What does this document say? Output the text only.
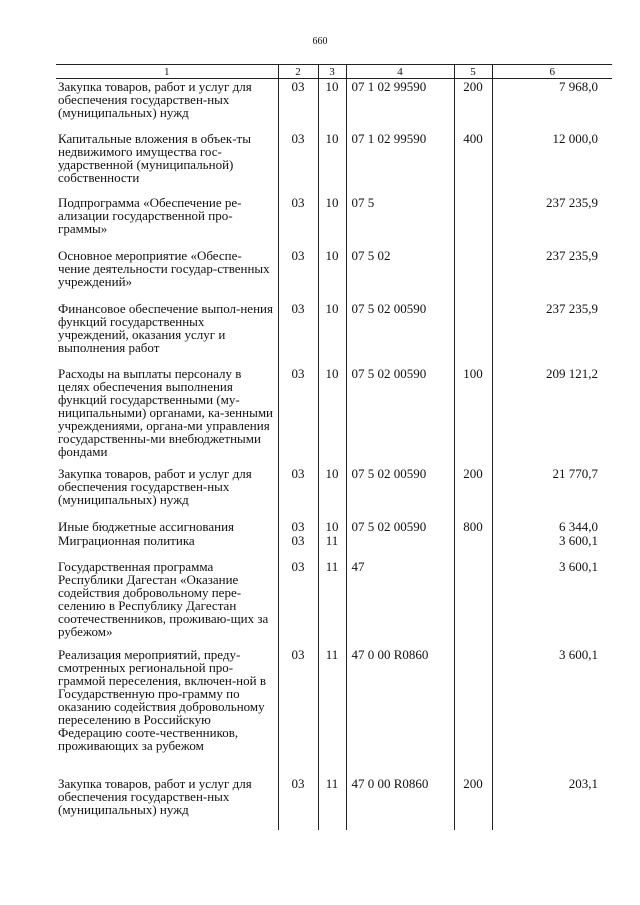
660
1	2	3	4	5	6

Закупка товаров, работ и услуг для обеспечения государствен-ных (муниципальных) нужд	03	10	07 1 02 99590	200	7 968,0

Капитальные вложения в объек-ты недвижимого имущества гос-ударственной (муниципальной) собственности	03	10	07 1 02 99590	400	12 000,0

Подпрограмма «Обеспечение ре-ализации государственной про-граммы»	03	10	07 5		237 235,9

Основное мероприятие «Обеспе-чение деятельности государ-ственных учреждений»	03	10	07 5 02		237 235,9

Финансовое обеспечение выпол-нения функций государственных учреждений, оказания услуг и выполнения работ	03	10	07 5 02 00590		237 235,9

Расходы на выплаты персоналу в целях обеспечения выполнения функций государственными (му-ниципальными) органами, ка-зенными учреждениями, органа-ми управления государственны-ми внебюджетными фондами	03	10	07 5 02 00590	100	209 121,2

Закупка товаров, работ и услуг для обеспечения государствен-ных (муниципальных) нужд	03	10	07 5 02 00590	200	21 770,7

Иные бюджетные ассигнования	03	10	07 5 02 00590	800	6 344,0

Миграционная политика	03	11			3 600,1

Государственная программа Республики Дагестан «Оказание содействия добровольному пере-селению в Республику Дагестан соотечественников, проживаю-щих за рубежом»	03	11	47		3 600,1

Реализация мероприятий, преду-смотренных региональной про-граммой переселения, включен-ной в Государственную про-грамму по оказанию содействия добровольному переселению в Российскую Федерацию соотe-чественников, проживающих за рубежом	03	11	47 0 00 R0860		3 600,1

Закупка товаров, работ и услуг для обеспечения государствен-ных (муниципальных) нужд	03	11	47 0 00 R0860	200	203,1
